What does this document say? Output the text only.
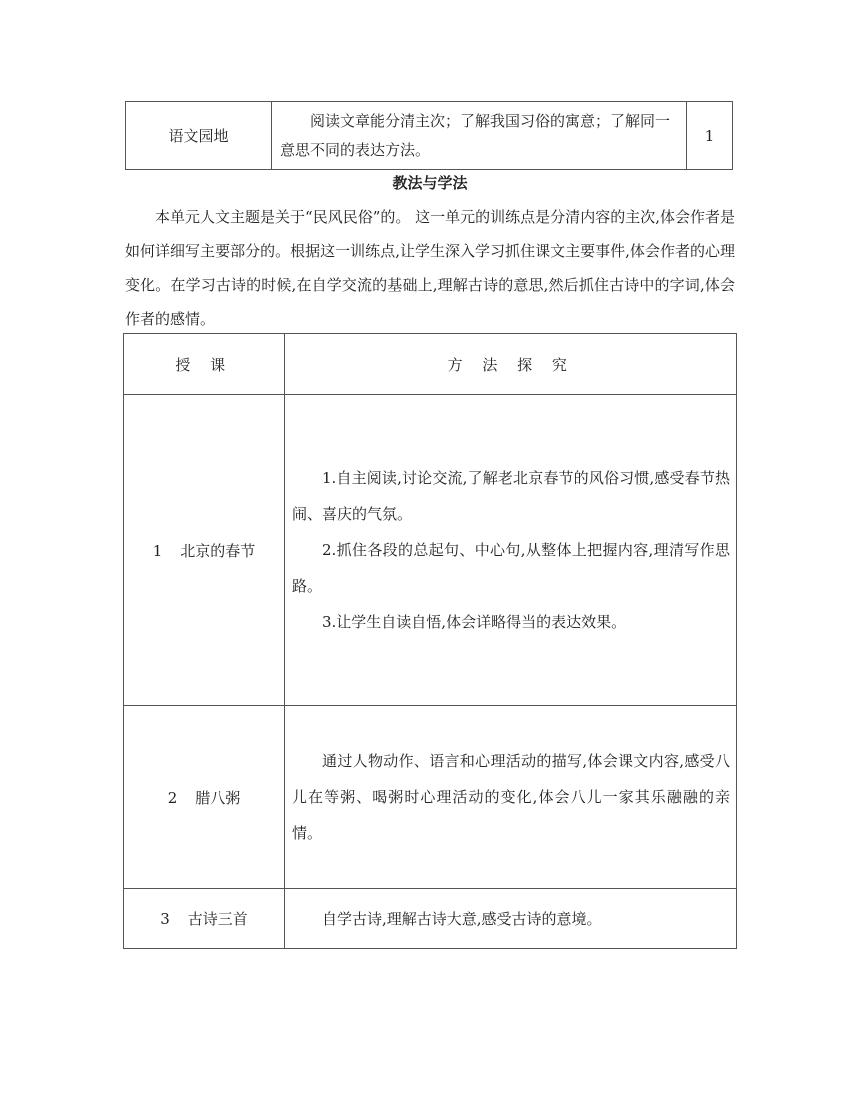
语文园地	阅读文章能分清主次；了解我国习俗的寓意；了解同一意思不同的表达方法。	1
教法与学法

本单元人文主题是关于“民风民俗”的。 这一单元的训练点是分清内容的主次,体会作者是如何详细写主要部分的。根据这一训练点,让学生深入学习抓住课文主要事件,体会作者的心理变化。在学习古诗的时候,在自学交流的基础上,理解古诗的意思,然后抓住古诗中的字词,体会作者的感情。

授 课	方 法 探 究
1 北京的春节	1.自主阅读,讨论交流,了解老北京春节的风俗习惯,感受春节热闹、喜庆的气氛。

2.抓住各段的总起句、中心句,从整体上把握内容,理清写作思路。

3.让学生自读自悟,体会详略得当的表达效果。

2 腊八粥	通过人物动作、语言和心理活动的描写,体会课文内容,感受八儿在等粥、喝粥时心理活动的变化,体会八儿一家其乐融融的亲情。

3 古诗三首	自学古诗,理解古诗大意,感受古诗的意境。
